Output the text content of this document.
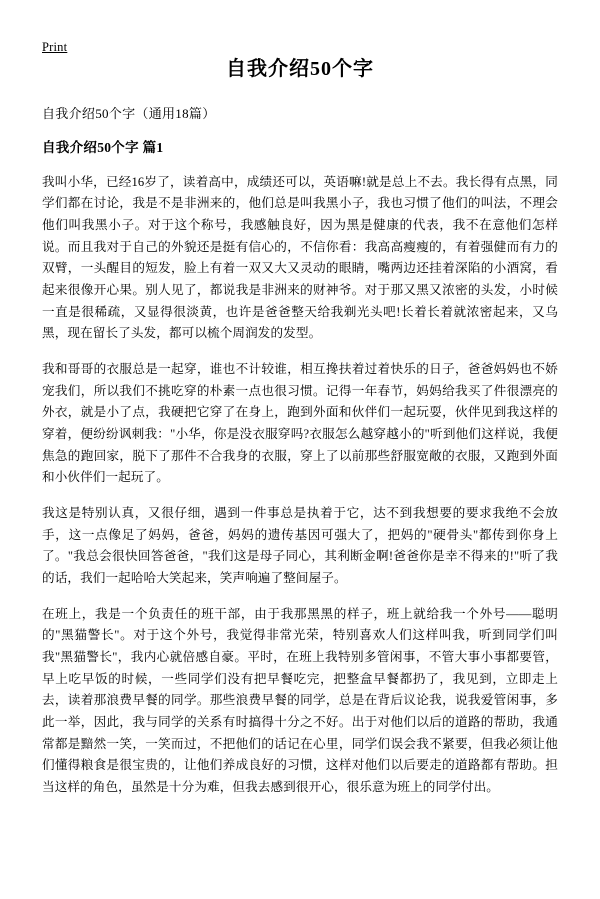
Print
自我介绍50个字

自我介绍50个字（通用18篇）

自我介绍50个字 篇1

我叫小华，已经16岁了，读着高中，成绩还可以，英语嘛!就是总上不去。我长得有点黑，同学们都在讨论，我是不是非洲来的，他们总是叫我黑小子，我也习惯了他们的叫法，不理会他们叫我黑小子。对于这个称号，我感触良好，因为黑是健康的代表，我不在意他们怎样说。而且我对于自己的外貌还是挺有信心的，不信你看：我高高瘦瘦的，有着强健而有力的双臂，一头醒目的短发，脸上有着一双又大又灵动的眼睛，嘴两边还挂着深陷的小酒窝，看起来很像开心果。别人见了，都说我是非洲来的财神爷。对于那又黑又浓密的头发，小时候一直是很稀疏，又显得很淡黄，也许是爸爸整天给我剃光头吧!长着长着就浓密起来，又乌黑，现在留长了头发，都可以梳个周润发的发型。

我和哥哥的衣服总是一起穿，谁也不计较谁，相互搀扶着过着快乐的日子，爸爸妈妈也不娇宠我们，所以我们不挑吃穿的朴素一点也很习惯。记得一年春节，妈妈给我买了件很漂亮的外衣，就是小了点，我硬把它穿了在身上，跑到外面和伙伴们一起玩耍，伙伴见到我这样的穿着，便纷纷讽刺我："小华，你是没衣服穿吗?衣服怎么越穿越小的"听到他们这样说，我便焦急的跑回家，脱下了那件不合我身的衣服，穿上了以前那些舒服宽敞的衣服，又跑到外面和小伙伴们一起玩了。

我这是特别认真，又很仔细，遇到一件事总是执着于它，达不到我想要的要求我绝不会放手，这一点像足了妈妈，爸爸，妈妈的遗传基因可强大了，把妈的"硬骨头"都传到你身上了。"我总会很快回答爸爸，"我们这是母子同心，其利断金啊!爸爸你是幸不得来的!"听了我的话，我们一起哈哈大笑起来，笑声响遍了整间屋子。

在班上，我是一个负责任的班干部，由于我那黑黑的样子，班上就给我一个外号——聪明的"黑猫警长"。对于这个外号，我觉得非常光荣，特别喜欢人们这样叫我，听到同学们叫我"黑猫警长"，我内心就倍感自豪。平时，在班上我特别多管闲事，不管大事小事都要管，早上吃早饭的时候，一些同学们没有把早餐吃完，把整盒早餐都扔了，我见到，立即走上去，读着那浪费早餐的同学。那些浪费早餐的同学，总是在背后议论我，说我爱管闲事，多此一举，因此，我与同学的关系有时搞得十分之不好。出于对他们以后的道路的帮助，我通常都是黯然一笑，一笑而过，不把他们的话记在心里，同学们误会我不紧要，但我必须让他们懂得粮食是很宝贵的，让他们养成良好的习惯，这样对他们以后要走的道路都有帮助。担当这样的角色，虽然是十分为难，但我去感到很开心，很乐意为班上的同学付出。
